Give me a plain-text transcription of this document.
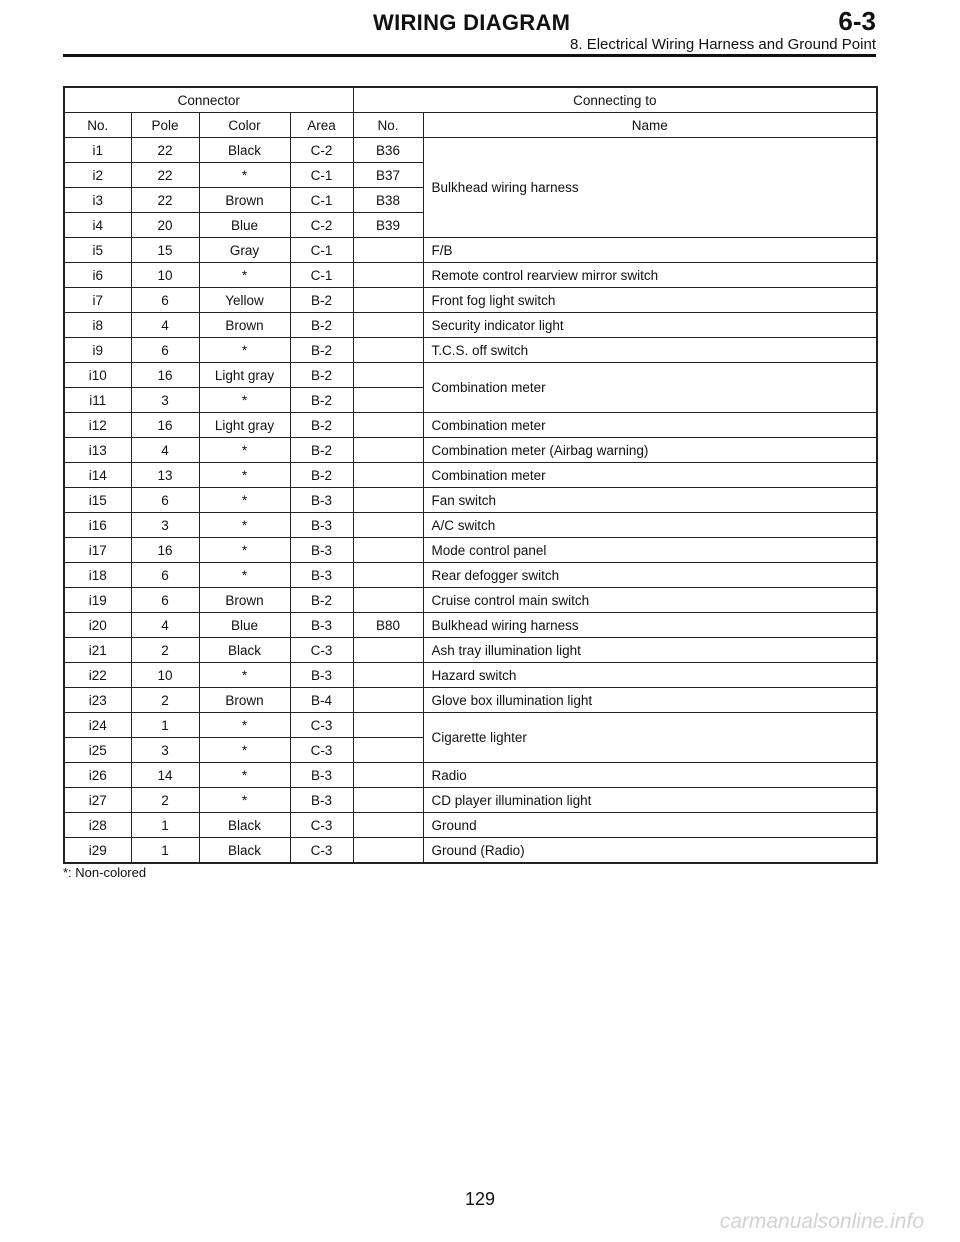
WIRING DIAGRAM	6-3
8. Electrical Wiring Harness and Ground Point
Connector				Connecting to	
No.	Pole	Color	Area	No.	Name
i1	22	Black	C-2	B36	Bulkhead wiring harness
i2	22	*	C-1	B37	
i3	22	Brown	C-1	B38	
i4	20	Blue	C-2	B39	
i5	15	Gray	C-1		F/B
i6	10	*	C-1		Remote control rearview mirror switch
i7	6	Yellow	B-2		Front fog light switch
i8	4	Brown	B-2		Security indicator light
i9	6	*	B-2		T.C.S. off switch
i10	16	Light gray	B-2		Combination meter
i11	3	*	B-2		
i12	16	Light gray	B-2		Combination meter
i13	4	*	B-2		Combination meter (Airbag warning)
i14	13	*	B-2		Combination meter
i15	6	*	B-3		Fan switch
i16	3	*	B-3		A/C switch
i17	16	*	B-3		Mode control panel
i18	6	*	B-3		Rear defogger switch
i19	6	Brown	B-2		Cruise control main switch
i20	4	Blue	B-3	B80	Bulkhead wiring harness
i21	2	Black	C-3		Ash tray illumination light
i22	10	*	B-3		Hazard switch
i23	2	Brown	B-4		Glove box illumination light
i24	1	*	C-3		Cigarette lighter
i25	3	*	C-3		
i26	14	*	B-3		Radio
i27	2	*	B-3		CD player illumination light
i28	1	Black	C-3		Ground
i29	1	Black	C-3		Ground (Radio)
*: Non-colored
129
carmanualsonline.info
